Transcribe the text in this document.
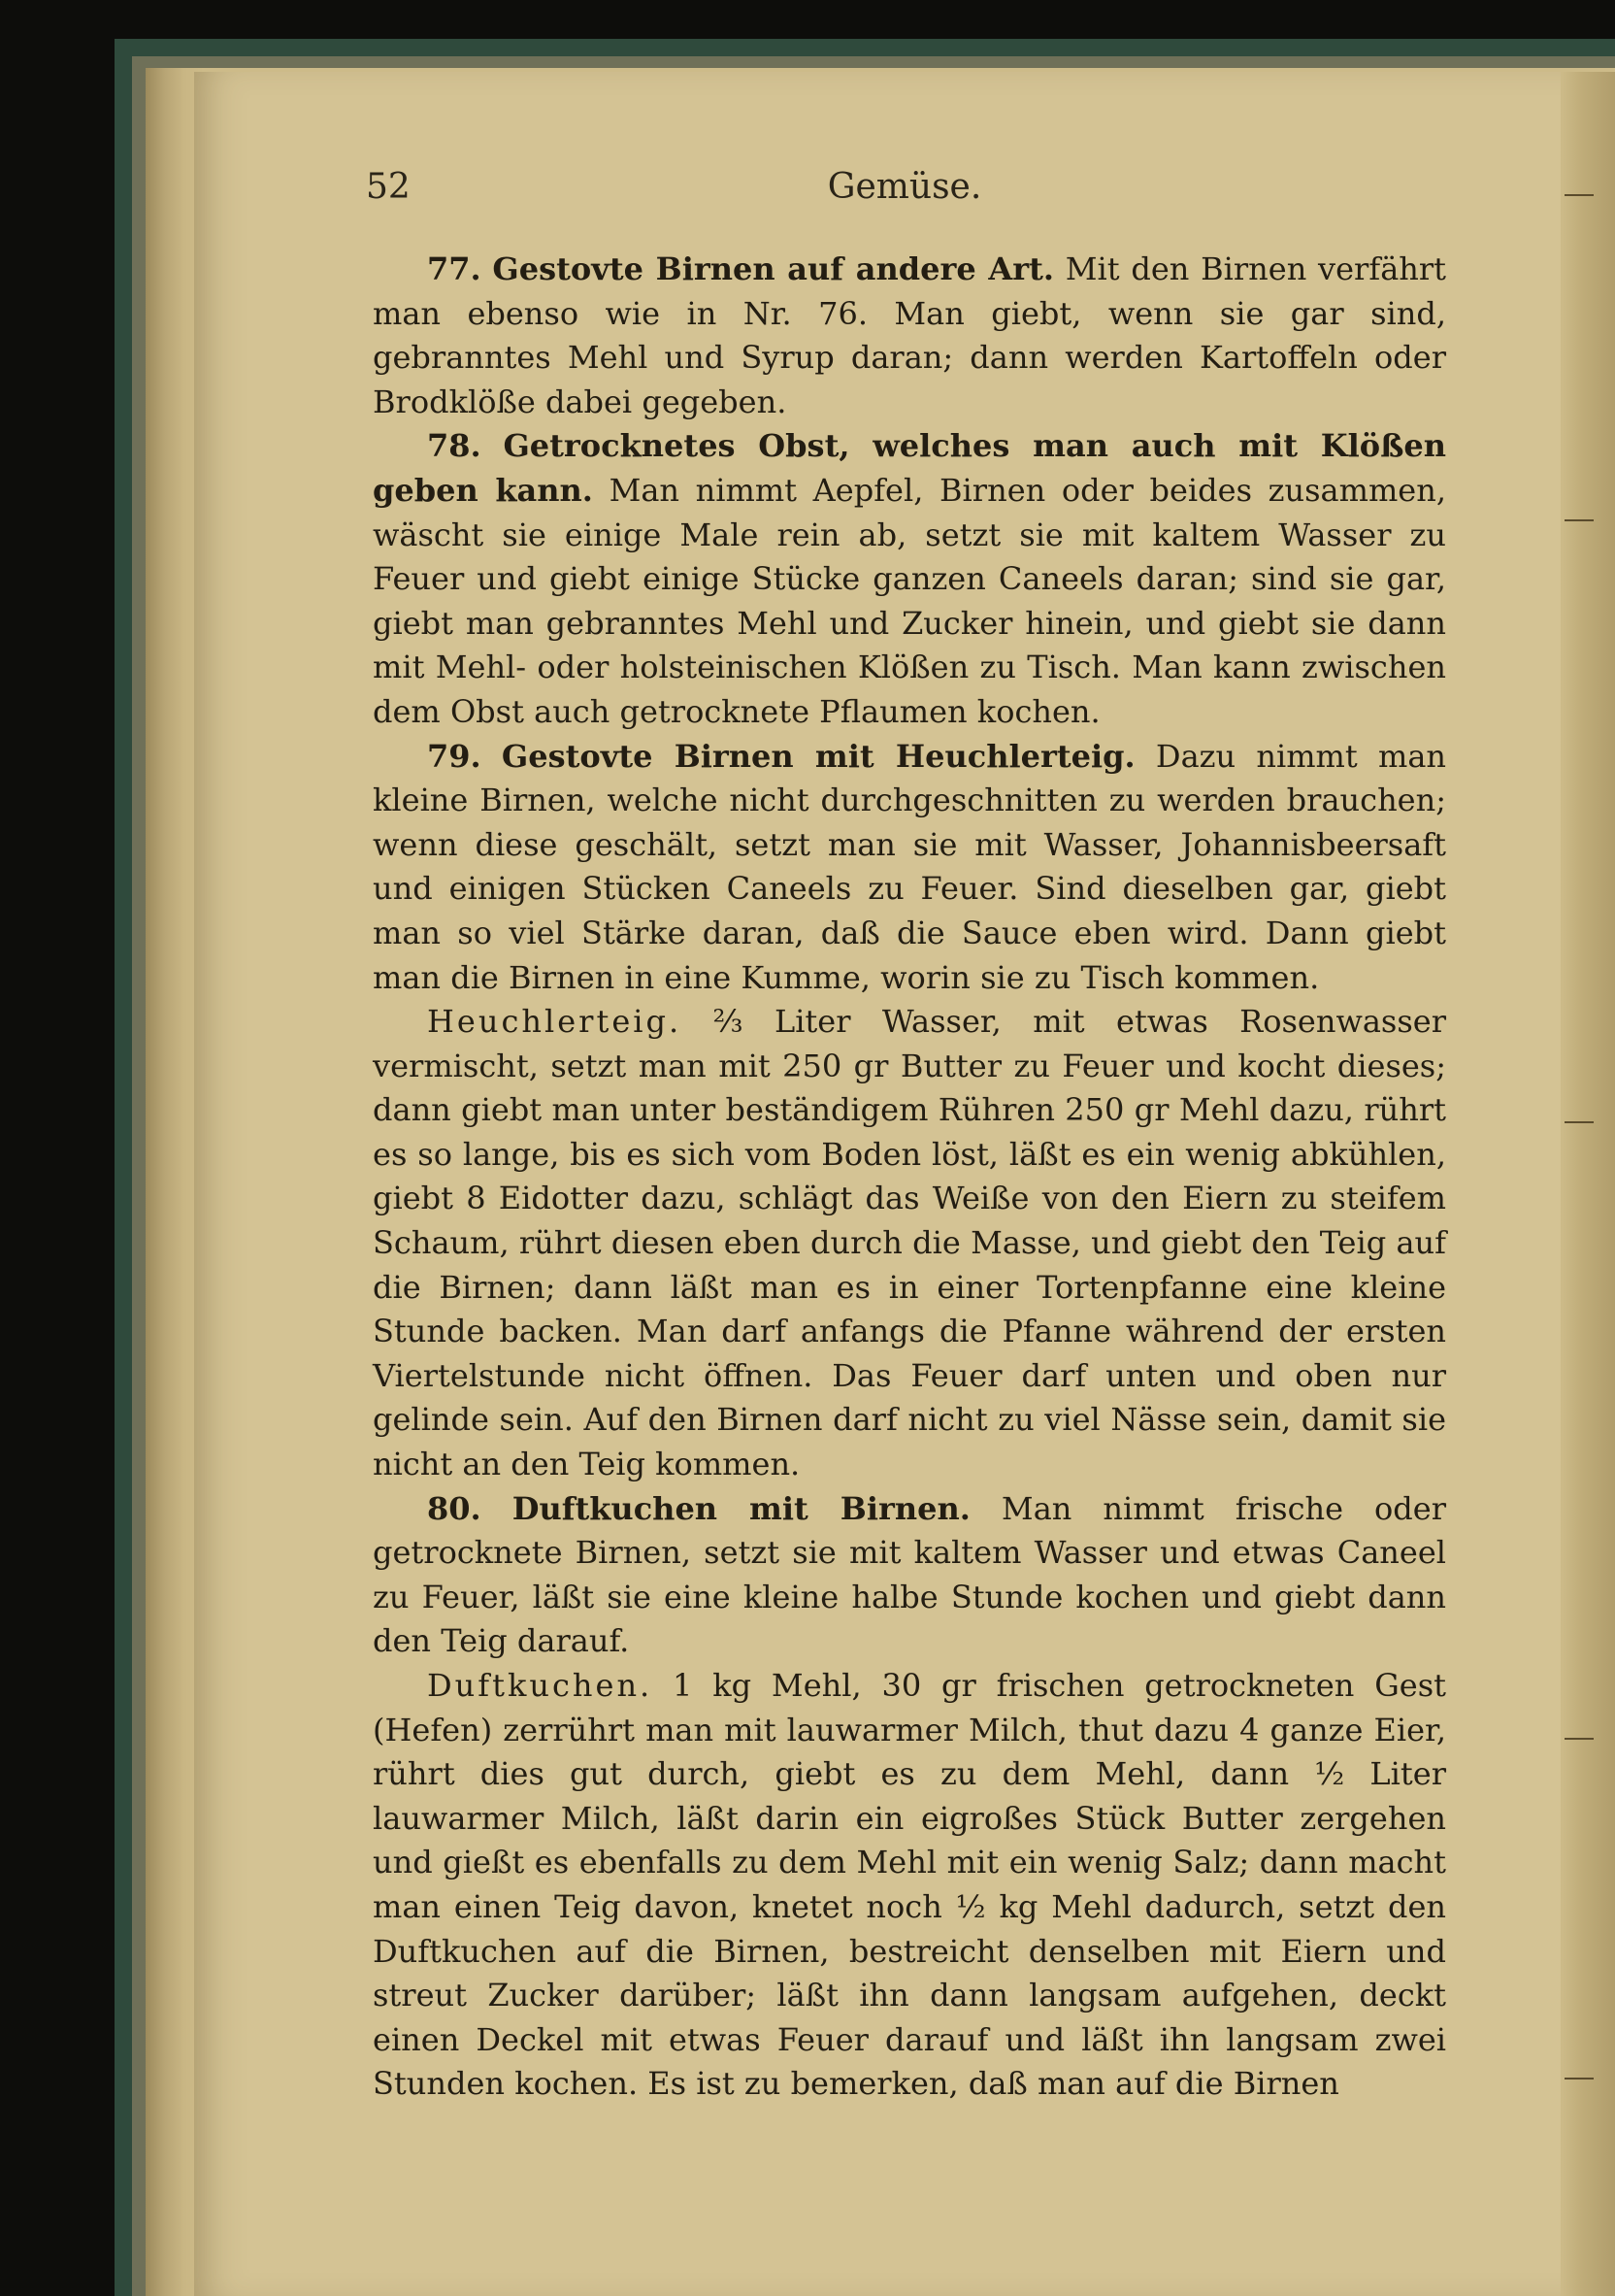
52	Gemüse.

77. Gestovte Birnen auf andere Art. Mit den Birnen verfährt man ebenso wie in Nr. 76. Man giebt, wenn sie gar sind, gebranntes Mehl und Syrup daran; dann werden Kartoffeln oder Brodklöße dabei gegeben.

78. Getrocknetes Obst, welches man auch mit Klößen geben kann. Man nimmt Aepfel, Birnen oder beides zusammen, wäscht sie einige Male rein ab, setzt sie mit kaltem Wasser zu Feuer und giebt einige Stücke ganzen Caneels daran; sind sie gar, giebt man gebranntes Mehl und Zucker hinein, und giebt sie dann mit Mehl- oder holsteinischen Klößen zu Tisch. Man kann zwischen dem Obst auch getrocknete Pflaumen kochen.

79. Gestovte Birnen mit Heuchlerteig. Dazu nimmt man kleine Birnen, welche nicht durchgeschnitten zu werden brauchen; wenn diese geschält, setzt man sie mit Wasser, Johannisbeersaft und einigen Stücken Caneels zu Feuer. Sind dieselben gar, giebt man so viel Stärke daran, daß die Sauce eben wird. Dann giebt man die Birnen in eine Kumme, worin sie zu Tisch kommen.

Heuchlerteig. ⅔ Liter Wasser, mit etwas Rosenwasser vermischt, setzt man mit 250 gr Butter zu Feuer und kocht dieses; dann giebt man unter beständigem Rühren 250 gr Mehl dazu, rührt es so lange, bis es sich vom Boden löst, läßt es ein wenig abkühlen, giebt 8 Eidotter dazu, schlägt das Weiße von den Eiern zu steifem Schaum, rührt diesen eben durch die Masse, und giebt den Teig auf die Birnen; dann läßt man es in einer Tortenpfanne eine kleine Stunde backen. Man darf anfangs die Pfanne während der ersten Viertelstunde nicht öffnen. Das Feuer darf unten und oben nur gelinde sein. Auf den Birnen darf nicht zu viel Nässe sein, damit sie nicht an den Teig kommen.

80. Duftkuchen mit Birnen. Man nimmt frische oder getrocknete Birnen, setzt sie mit kaltem Wasser und etwas Caneel zu Feuer, läßt sie eine kleine halbe Stunde kochen und giebt dann den Teig darauf.

Duftkuchen. 1 kg Mehl, 30 gr frischen getrockneten Gest (Hefen) zerrührt man mit lauwarmer Milch, thut dazu 4 ganze Eier, rührt dies gut durch, giebt es zu dem Mehl, dann ½ Liter lauwarmer Milch, läßt darin ein eigroßes Stück Butter zergehen und gießt es ebenfalls zu dem Mehl mit ein wenig Salz; dann macht man einen Teig davon, knetet noch ½ kg Mehl dadurch, setzt den Duftkuchen auf die Birnen, bestreicht denselben mit Eiern und streut Zucker darüber; läßt ihn dann langsam aufgehen, deckt einen Deckel mit etwas Feuer darauf und läßt ihn langsam zwei Stunden kochen. Es ist zu bemerken, daß man auf die Birnen
